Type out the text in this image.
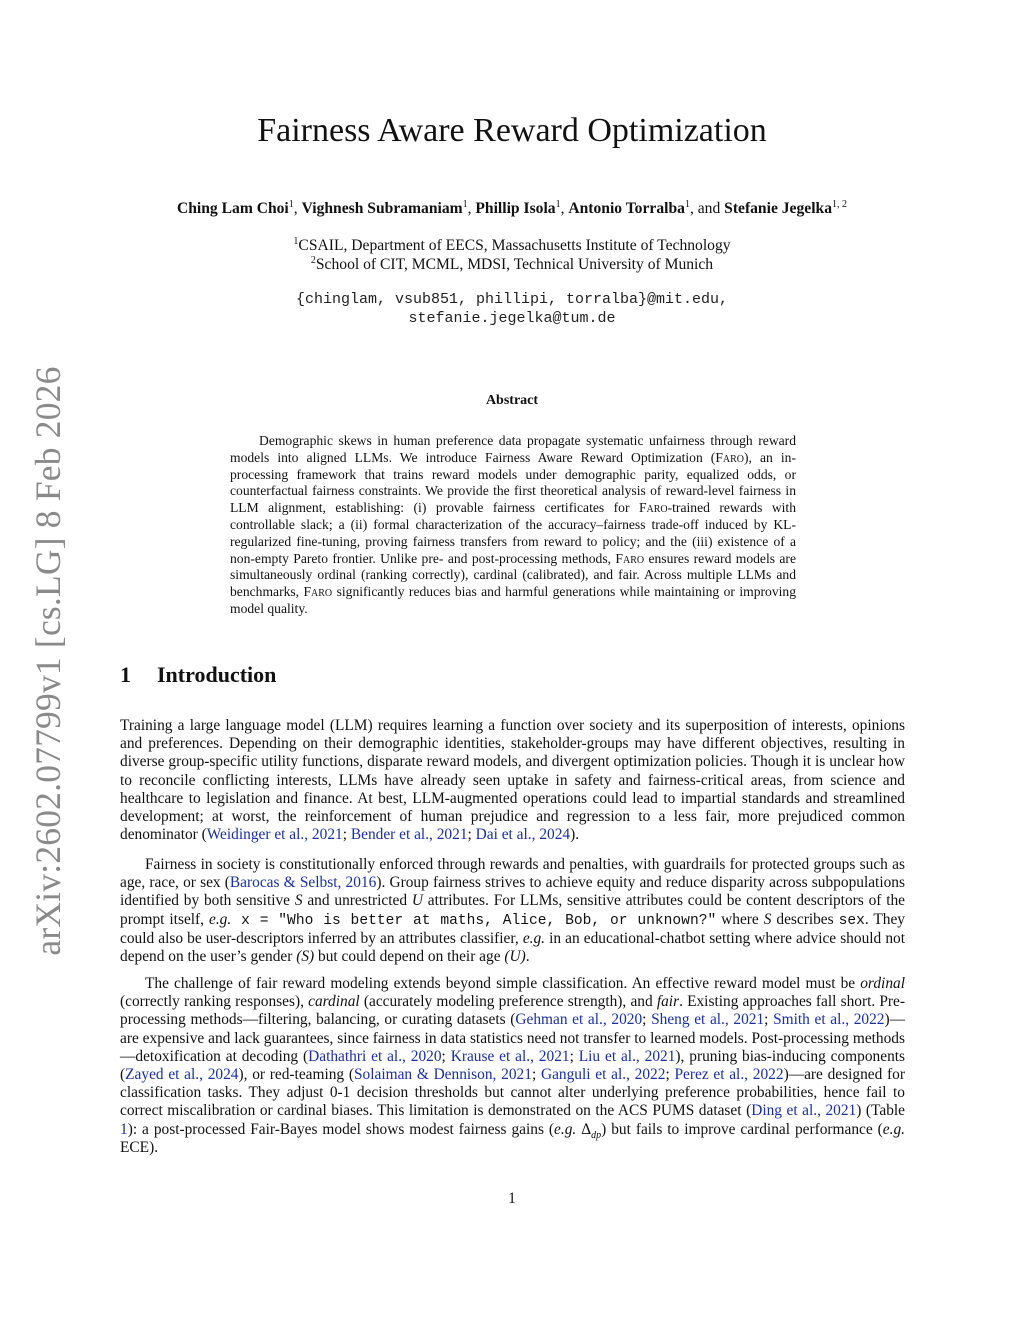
arXiv:2602.07799v1 [cs.LG] 8 Feb 2026
Fairness Aware Reward Optimization
Ching Lam Choi$^1$, Vighnesh Subramaniam$^1$, Phillip Isola$^1$, Antonio Torralba$^1$, and Stefanie Jegelka$^{1, 2}$
$^1$CSAIL, Department of EECS, Massachusetts Institute of Technology
$^2$School of CIT, MCML, MDSI, Technical University of Munich
{chinglam, vsub851, phillipi, torralba}@mit.edu,
stefanie.jegelka@tum.de
Abstract
Demographic skews in human preference data propagate systematic unfairness through reward models into aligned LLMs. We introduce Fairness Aware Reward Optimization (Faro), an in-processing framework that trains reward models under demographic parity, equalized odds, or counterfactual fairness constraints. We provide the first theoretical analysis of reward-level fairness in LLM alignment, establishing: (i) provable fairness certificates for Faro-trained rewards with controllable slack; a (ii) formal characterization of the accuracy–fairness trade-off induced by KL-regularized fine-tuning, proving fairness transfers from reward to policy; and the (iii) existence of a non-empty Pareto frontier. Unlike pre- and post-processing methods, Faro ensures reward models are simultaneously ordinal (ranking correctly), cardinal (calibrated), and fair. Across multiple LLMs and benchmarks, Faro significantly reduces bias and harmful generations while maintaining or improving model quality.
1 Introduction
Training a large language model (LLM) requires learning a function over society and its superposition of interests, opinions and preferences. Depending on their demographic identities, stakeholder-groups may have different objectives, resulting in diverse group-specific utility functions, disparate reward models, and divergent optimization policies. Though it is unclear how to reconcile conflicting interests, LLMs have already seen uptake in safety and fairness-critical areas, from science and healthcare to legislation and finance. At best, LLM-augmented operations could lead to impartial standards and streamlined development; at worst, the reinforcement of human prejudice and regression to a less fair, more prejudiced common denominator (Weidinger et al., 2021; Bender et al., 2021; Dai et al., 2024).
Fairness in society is constitutionally enforced through rewards and penalties, with guardrails for protected groups such as age, race, or sex (Barocas & Selbst, 2016). Group fairness strives to achieve equity and reduce disparity across subpopulations identified by both sensitive S and unrestricted U attributes. For LLMs, sensitive attributes could be content descriptors of the prompt itself, e.g. x = "Who is better at maths, Alice, Bob, or unknown?" where S describes sex. They could also be user-descriptors inferred by an attributes classifier, e.g. in an educational-chatbot setting where advice should not depend on the user’s gender (S) but could depend on their age (U).
The challenge of fair reward modeling extends beyond simple classification. An effective reward model must be ordinal (correctly ranking responses), cardinal (accurately modeling preference strength), and fair. Existing approaches fall short. Pre-processing methods—filtering, balancing, or curating datasets (Gehman et al., 2020; Sheng et al., 2021; Smith et al., 2022)—are expensive and lack guarantees, since fairness in data statistics need not transfer to learned models. Post-processing methods—detoxification at decoding (Dathathri et al., 2020; Krause et al., 2021; Liu et al., 2021), pruning bias-inducing components (Zayed et al., 2024), or red-teaming (Solaiman & Dennison, 2021; Ganguli et al., 2022; Perez et al., 2022)—are designed for classification tasks. They adjust 0-1 decision thresholds but cannot alter underlying preference probabilities, hence fail to correct miscalibration or cardinal biases. This limitation is demonstrated on the ACS PUMS dataset (Ding et al., 2021) (Table 1): a post-processed Fair-Bayes model shows modest fairness gains (e.g. $\Delta_{dp}$) but fails to improve cardinal performance (e.g. ECE).
1
